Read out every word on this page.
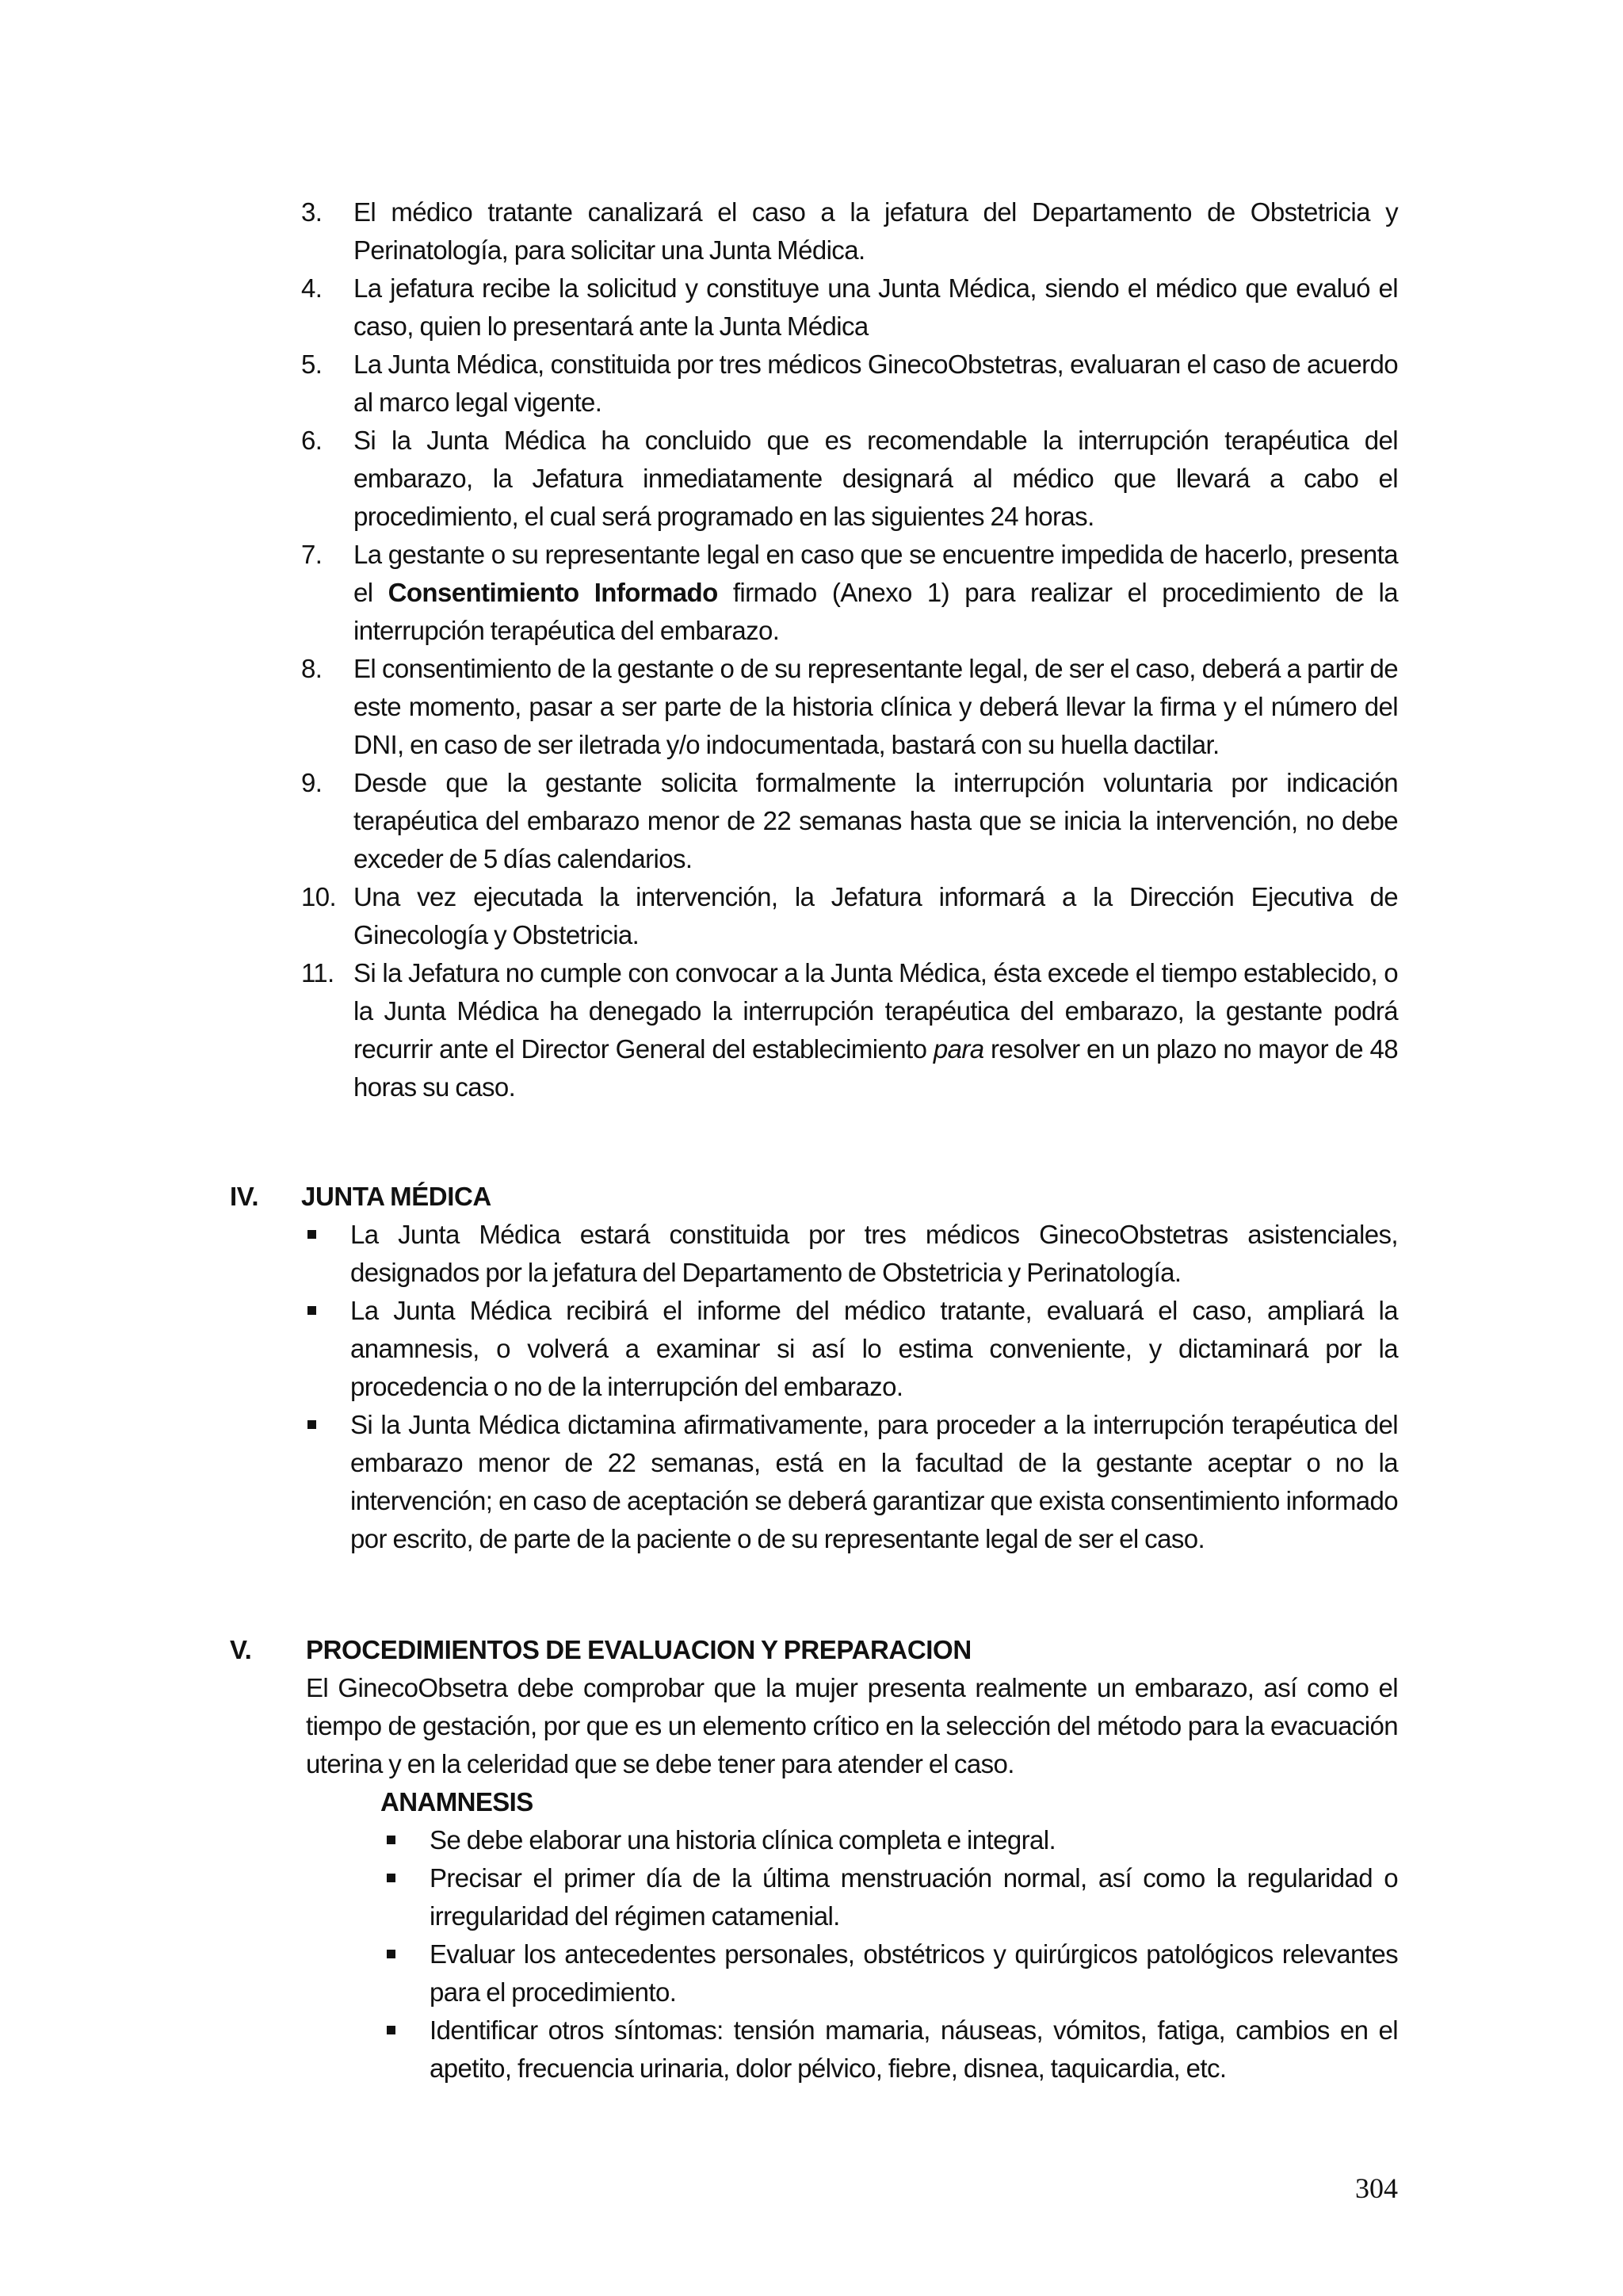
3.	El médico tratante canalizará el caso a la jefatura del Departamento de Obstetricia y Perinatología, para solicitar una Junta Médica.
4.	La jefatura recibe la solicitud y constituye una Junta Médica, siendo el médico que evaluó el caso, quien lo presentará ante la Junta Médica
5.	La Junta Médica, constituida por tres médicos GinecoObstetras, evaluaran el caso de acuerdo al marco legal vigente.
6.	Si la Junta Médica ha concluido que es recomendable la interrupción terapéutica del embarazo, la Jefatura inmediatamente designará al médico que llevará a cabo el procedimiento, el cual será programado en las siguientes 24 horas.
7.	La gestante o su representante legal en caso que se encuentre impedida de hacerlo, presenta el Consentimiento Informado firmado (Anexo 1) para realizar el procedimiento de la interrupción terapéutica del embarazo.
8.	El consentimiento de la gestante o de su representante legal, de ser el caso, deberá a partir de este momento, pasar a ser parte de la historia clínica y deberá llevar la firma y el número del DNI, en caso de ser iletrada y/o indocumentada, bastará con su huella dactilar.
9.	Desde que la gestante solicita formalmente la interrupción voluntaria por indicación terapéutica del embarazo menor de 22 semanas hasta que se inicia la intervención, no debe exceder de 5 días calendarios.
10. Una vez ejecutada la intervención, la Jefatura informará a la Dirección Ejecutiva de Ginecología y Obstetricia.
11. Si la Jefatura no cumple con convocar a la Junta Médica, ésta excede el tiempo establecido, o la Junta Médica ha denegado la interrupción terapéutica del embarazo, la gestante podrá recurrir ante el Director General del establecimiento para resolver en un plazo no mayor de 48 horas su caso.
IV.	JUNTA MÉDICA
La Junta Médica estará constituida por tres médicos GinecoObstetras asistenciales, designados por la jefatura del Departamento de Obstetricia y Perinatología.
La Junta Médica recibirá el informe del médico tratante, evaluará el caso, ampliará la anamnesis, o volverá a examinar si así lo estima conveniente, y dictaminará por la procedencia o no de la interrupción del embarazo.
Si la Junta Médica dictamina afirmativamente, para proceder a la interrupción terapéutica del embarazo menor de 22 semanas, está en la facultad de la gestante aceptar o no la intervención; en caso de aceptación se deberá garantizar que exista consentimiento informado por escrito, de parte de la paciente o de su representante legal de ser el caso.
V.	PROCEDIMIENTOS DE EVALUACION Y PREPARACION
El GinecoObsetra debe comprobar que la mujer presenta realmente un embarazo, así como el tiempo de gestación, por que es un elemento crítico en la selección del método para la evacuación uterina y en la celeridad que se debe tener para atender el caso.
ANAMNESIS
Se debe elaborar una historia clínica completa e integral.
Precisar el primer día de la última menstruación normal, así como la regularidad o irregularidad del régimen catamenial.
Evaluar los antecedentes personales, obstétricos y quirúrgicos patológicos relevantes para el procedimiento.
Identificar otros síntomas: tensión mamaria, náuseas, vómitos, fatiga, cambios en el apetito, frecuencia urinaria, dolor pélvico, fiebre, disnea, taquicardia, etc.
304
